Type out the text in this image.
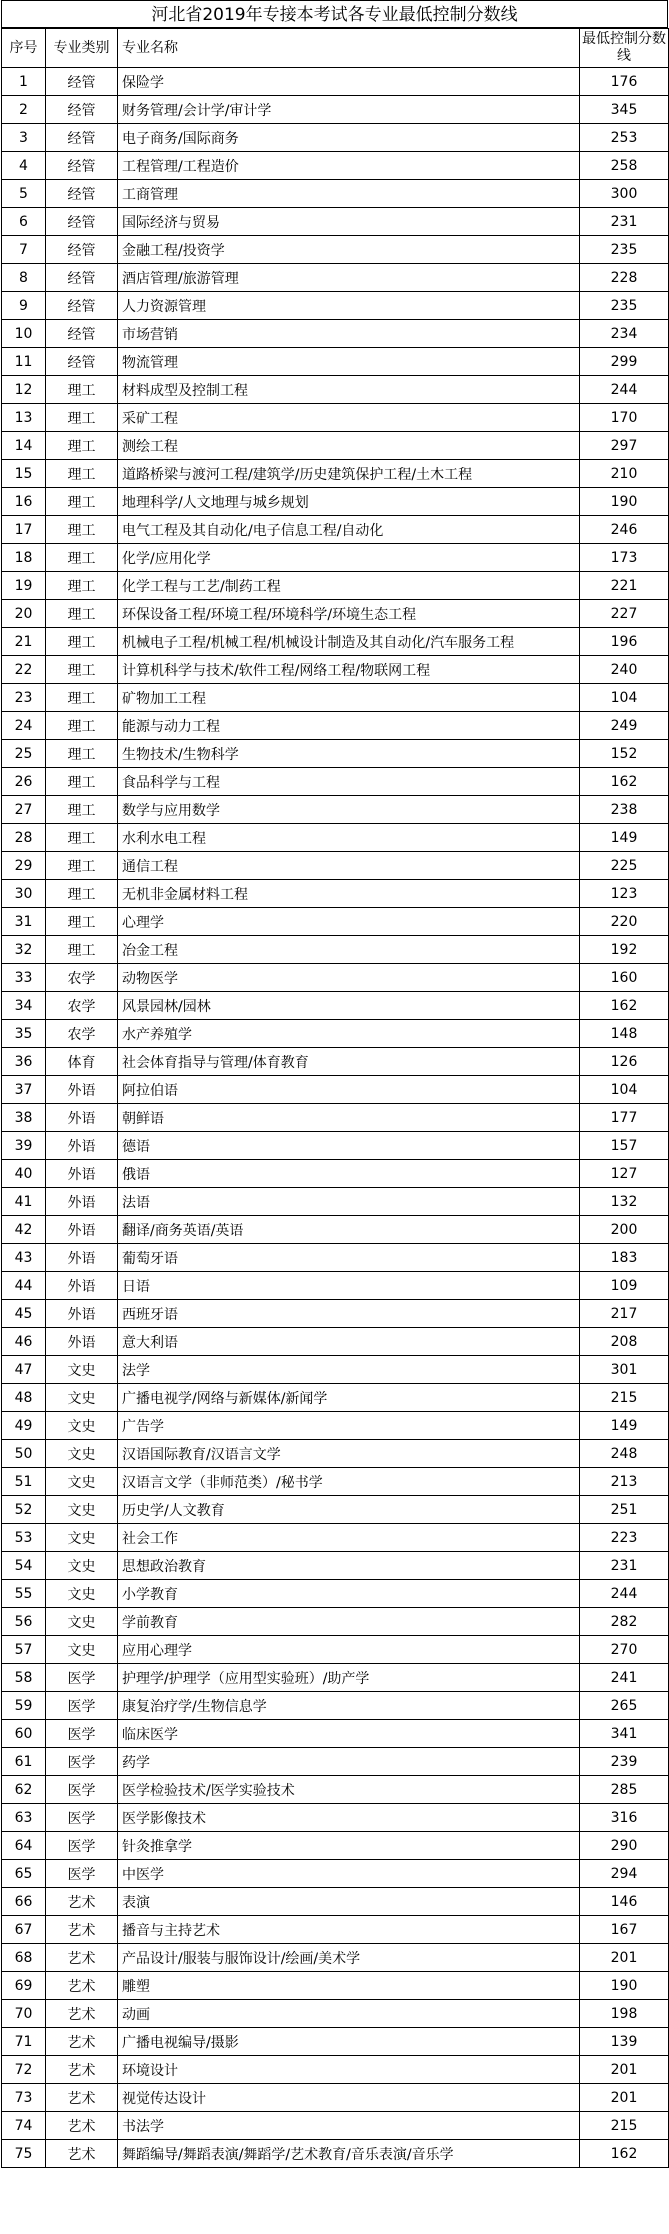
河北省2019年专接本考试各专业最低控制分数线
序号	专业类别	专业名称	最低控制分数线
1	经管	保险学	176
2	经管	财务管理/会计学/审计学	345
3	经管	电子商务/国际商务	253
4	经管	工程管理/工程造价	258
5	经管	工商管理	300
6	经管	国际经济与贸易	231
7	经管	金融工程/投资学	235
8	经管	酒店管理/旅游管理	228
9	经管	人力资源管理	235
10	经管	市场营销	234
11	经管	物流管理	299
12	理工	材料成型及控制工程	244
13	理工	采矿工程	170
14	理工	测绘工程	297
15	理工	道路桥梁与渡河工程/建筑学/历史建筑保护工程/土木工程	210
16	理工	地理科学/人文地理与城乡规划	190
17	理工	电气工程及其自动化/电子信息工程/自动化	246
18	理工	化学/应用化学	173
19	理工	化学工程与工艺/制药工程	221
20	理工	环保设备工程/环境工程/环境科学/环境生态工程	227
21	理工	机械电子工程/机械工程/机械设计制造及其自动化/汽车服务工程	196
22	理工	计算机科学与技术/软件工程/网络工程/物联网工程	240
23	理工	矿物加工工程	104
24	理工	能源与动力工程	249
25	理工	生物技术/生物科学	152
26	理工	食品科学与工程	162
27	理工	数学与应用数学	238
28	理工	水利水电工程	149
29	理工	通信工程	225
30	理工	无机非金属材料工程	123
31	理工	心理学	220
32	理工	冶金工程	192
33	农学	动物医学	160
34	农学	风景园林/园林	162
35	农学	水产养殖学	148
36	体育	社会体育指导与管理/体育教育	126
37	外语	阿拉伯语	104
38	外语	朝鲜语	177
39	外语	德语	157
40	外语	俄语	127
41	外语	法语	132
42	外语	翻译/商务英语/英语	200
43	外语	葡萄牙语	183
44	外语	日语	109
45	外语	西班牙语	217
46	外语	意大利语	208
47	文史	法学	301
48	文史	广播电视学/网络与新媒体/新闻学	215
49	文史	广告学	149
50	文史	汉语国际教育/汉语言文学	248
51	文史	汉语言文学（非师范类）/秘书学	213
52	文史	历史学/人文教育	251
53	文史	社会工作	223
54	文史	思想政治教育	231
55	文史	小学教育	244
56	文史	学前教育	282
57	文史	应用心理学	270
58	医学	护理学/护理学（应用型实验班）/助产学	241
59	医学	康复治疗学/生物信息学	265
60	医学	临床医学	341
61	医学	药学	239
62	医学	医学检验技术/医学实验技术	285
63	医学	医学影像技术	316
64	医学	针灸推拿学	290
65	医学	中医学	294
66	艺术	表演	146
67	艺术	播音与主持艺术	167
68	艺术	产品设计/服装与服饰设计/绘画/美术学	201
69	艺术	雕塑	190
70	艺术	动画	198
71	艺术	广播电视编导/摄影	139
72	艺术	环境设计	201
73	艺术	视觉传达设计	201
74	艺术	书法学	215
75	艺术	舞蹈编导/舞蹈表演/舞蹈学/艺术教育/音乐表演/音乐学	162
